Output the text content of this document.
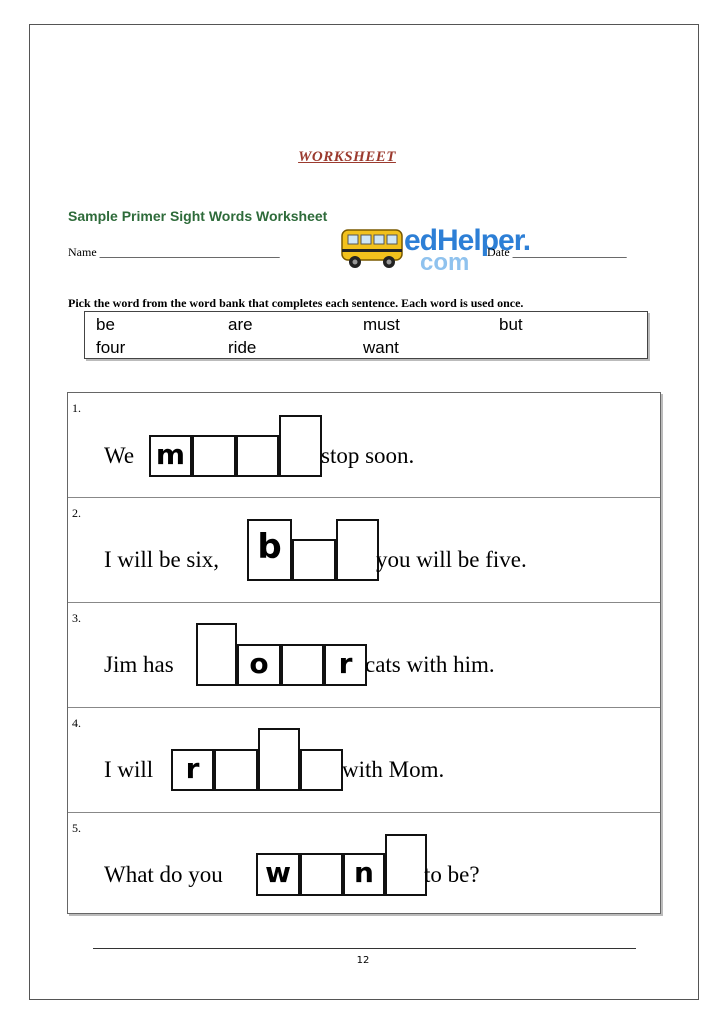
WORKSHEET
Sample Primer Sight Words Worksheet
Name ______________________________	edHelper.
com Date ___________________
Pick the word from the word bank that completes each sentence. Each word is used once.
be	are	must	but
four	ride	want
1.
We m	stop soon.
2.
I will be six,	b	you will be five.
3.
Jim has	o	r cats with him.
4.
I will	r	with Mom.
5.
What do you	w	n	to be?
12
